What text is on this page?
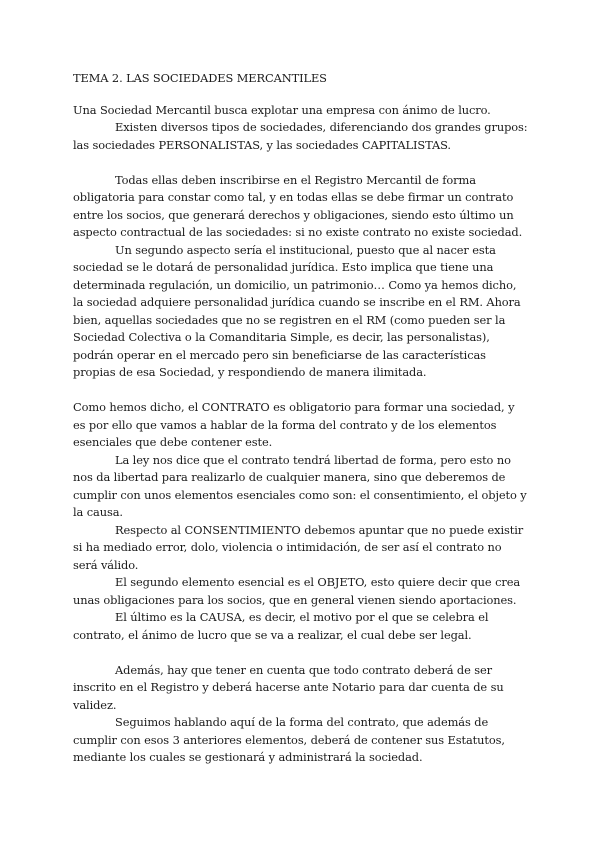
TEMA 2. LAS SOCIEDADES MERCANTILES

Una Sociedad Mercantil busca explotar una empresa con ánimo de lucro.

Existen diversos tipos de sociedades, diferenciando dos grandes grupos: las sociedades PERSONALISTAS, y las sociedades CAPITALISTAS.

Todas ellas deben inscribirse en el Registro Mercantil de forma obligatoria para constar como tal, y en todas ellas se debe firmar un contrato entre los socios, que generará derechos y obligaciones, siendo esto último un aspecto contractual de las sociedades: si no existe contrato no existe sociedad.

Un segundo aspecto sería el institucional, puesto que al nacer esta sociedad se le dotará de personalidad jurídica. Esto implica que tiene una determinada regulación, un domicilio, un patrimonio… Como ya hemos dicho, la sociedad adquiere personalidad jurídica cuando se inscribe en el RM. Ahora bien, aquellas sociedades que no se registren en el RM (como pueden ser la Sociedad Colectiva o la Comanditaria Simple, es decir, las personalistas), podrán operar en el mercado pero sin beneficiarse de las características propias de esa Sociedad, y respondiendo de manera ilimitada.

Como hemos dicho, el CONTRATO es obligatorio para formar una sociedad, y es por ello que vamos a hablar de la forma del contrato y de los elementos esenciales que debe contener este.

La ley nos dice que el contrato tendrá libertad de forma, pero esto no nos da libertad para realizarlo de cualquier manera, sino que deberemos de cumplir con unos elementos esenciales como son: el consentimiento, el objeto y la causa.

Respecto al CONSENTIMIENTO debemos apuntar que no puede existir si ha mediado error, dolo, violencia o intimidación, de ser así el contrato no será válido.

El segundo elemento esencial es el OBJETO, esto quiere decir que crea unas obligaciones para los socios, que en general vienen siendo aportaciones.

El último es la CAUSA, es decir, el motivo por el que se celebra el contrato, el ánimo de lucro que se va a realizar, el cual debe ser legal.

Además, hay que tener en cuenta que todo contrato deberá de ser inscrito en el Registro y deberá hacerse ante Notario para dar cuenta de su validez.

Seguimos hablando aquí de la forma del contrato, que además de cumplir con esos 3 anteriores elementos, deberá de contener sus Estatutos, mediante los cuales se gestionará y administrará la sociedad.
